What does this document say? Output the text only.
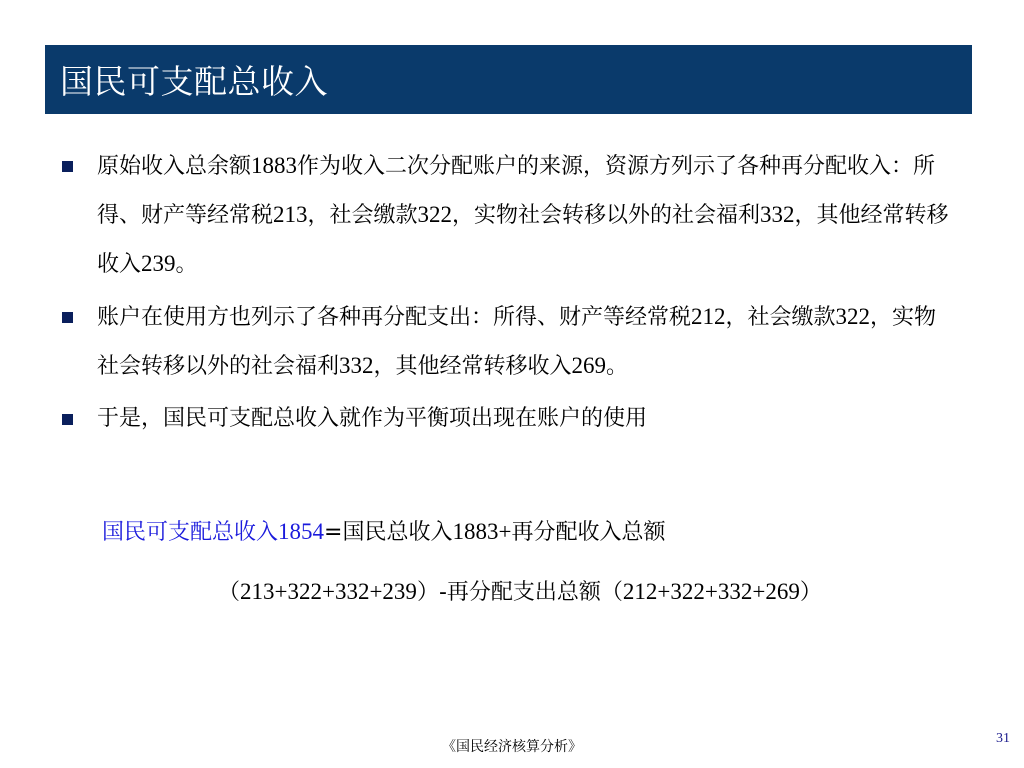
国民可支配总收入
原始收入总余额1883作为收入二次分配账户的来源，资源方列示了各种再分配收入：所得、财产等经常税213，社会缴款322，实物社会转移以外的社会福利332，其他经常转移收入239。
账户在使用方也列示了各种再分配支出：所得、财产等经常税212，社会缴款322，实物社会转移以外的社会福利332，其他经常转移收入269。
于是，国民可支配总收入就作为平衡项出现在账户的使用
国民可支配总收入1854=国民总收入1883+再分配收入总额
（213+322+332+239）-再分配支出总额（212+322+332+269）
《国民经济核算分析》
31
